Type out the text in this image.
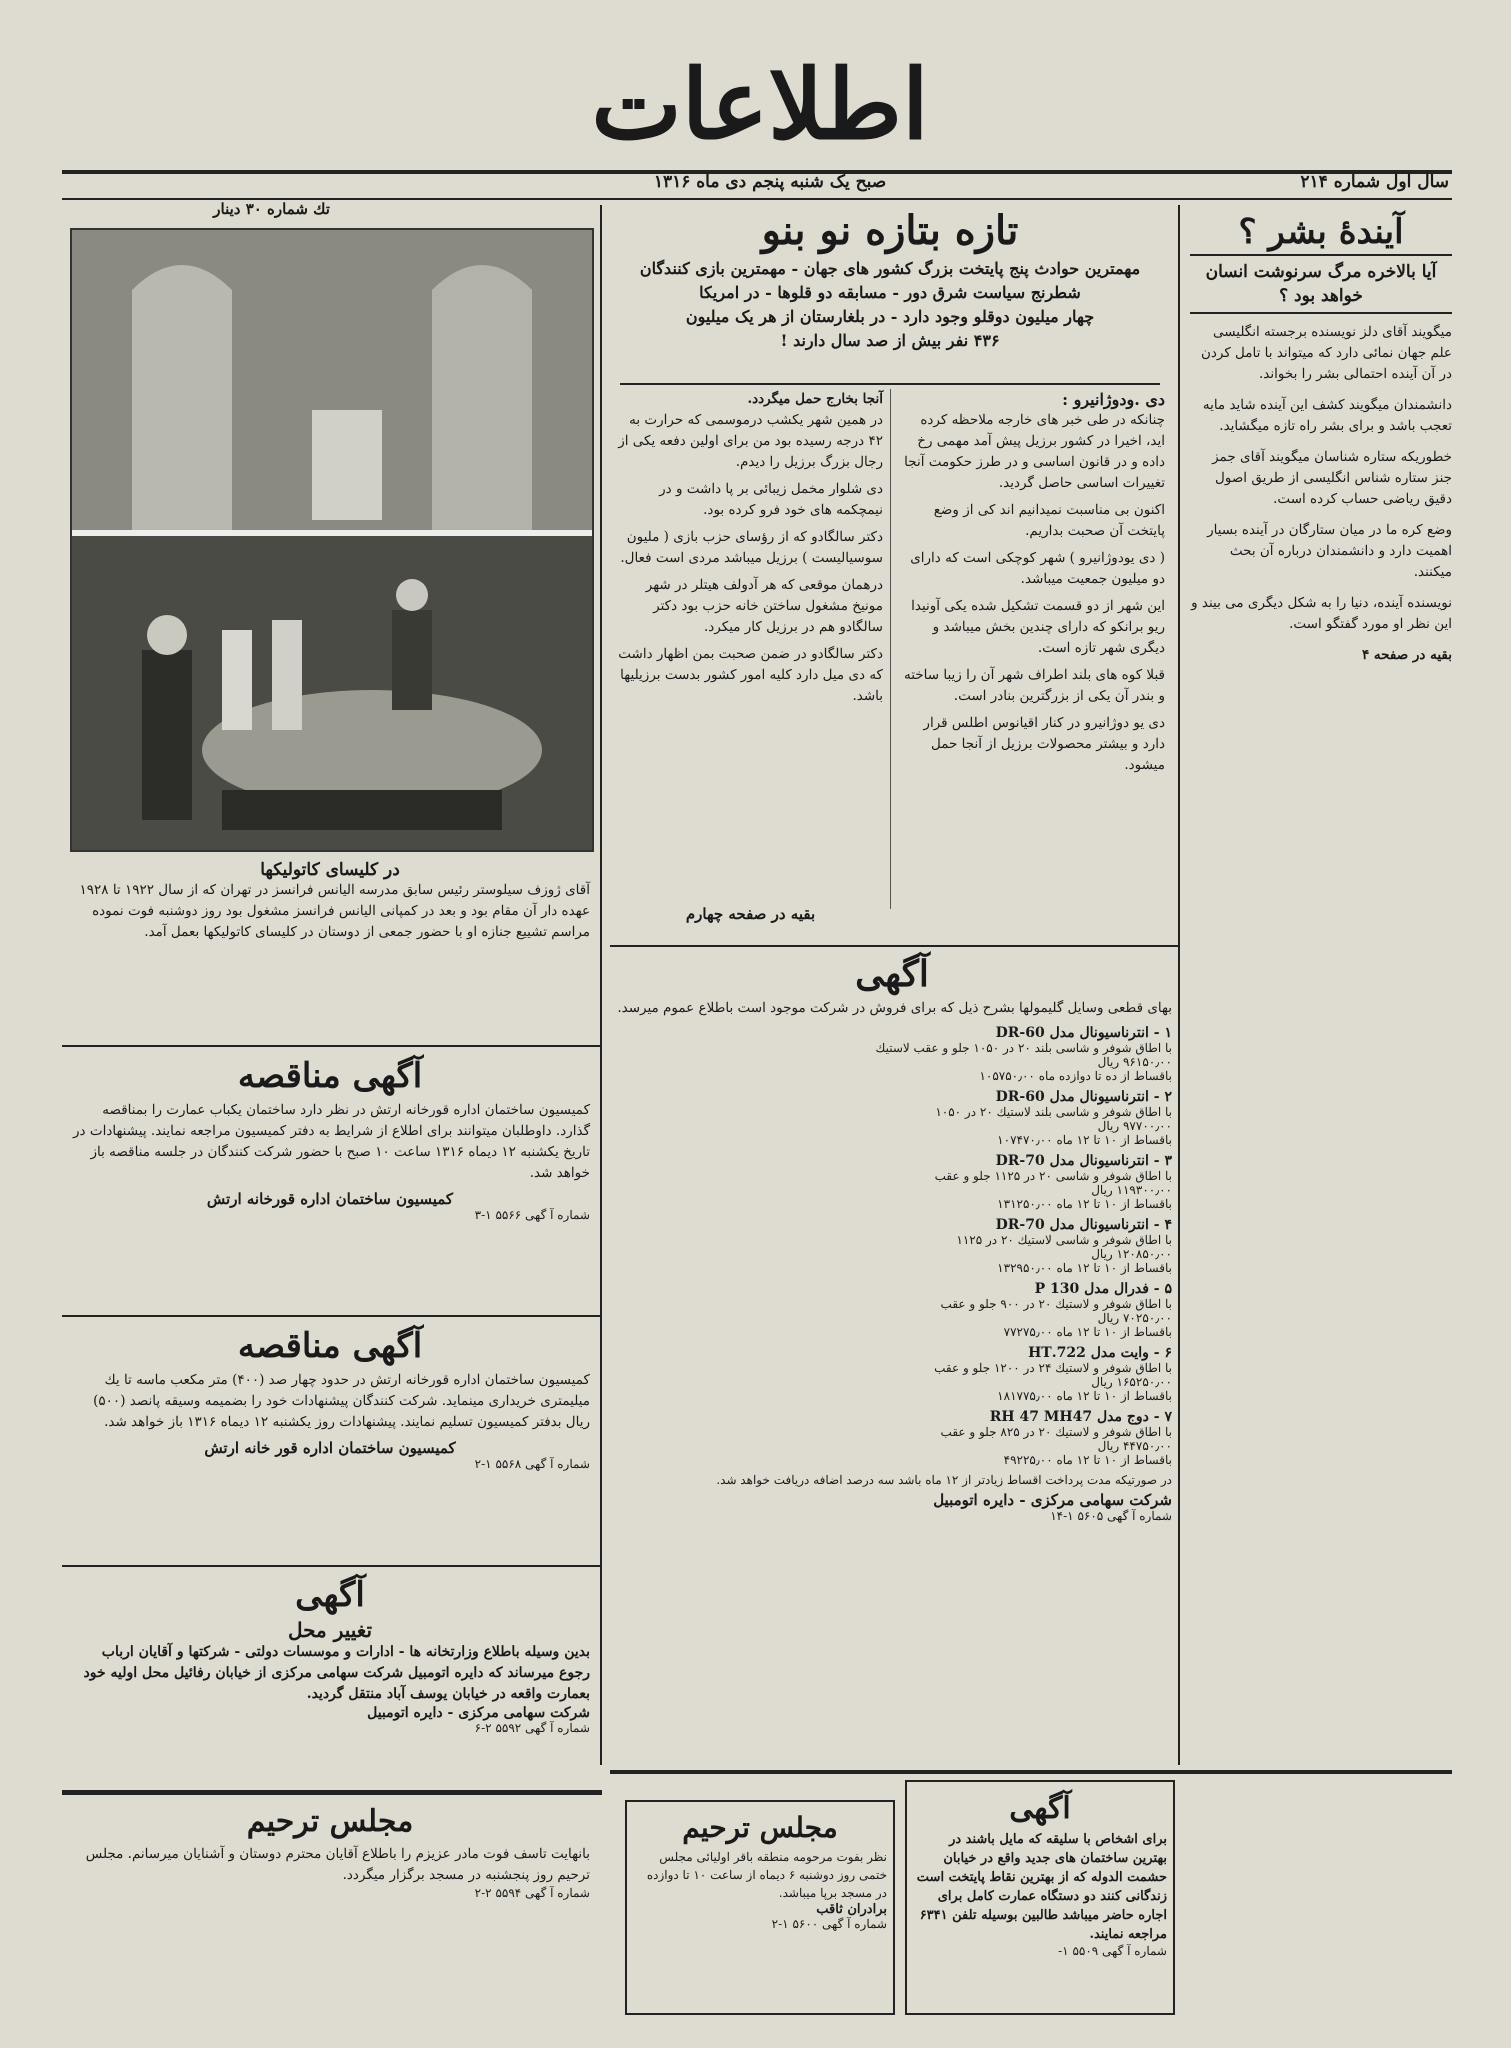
اطلاعات
سال اول شماره ۲۱۴
صبح یک شنبه پنجم دی ماه ۱۳۱۶
تك شماره ۳۰ دینار
آیندهٔ بشر ؟
آیا بالاخره مرگ سرنوشت انسان خواهد بود ؟

میگویند آقای دلز نویسنده برجسته انگلیسی علم جهان نمائی دارد که میتواند با تامل کردن در آن آینده احتمالی بشر را بخواند.

دانشمندان میگویند کشف این آینده شاید مایه تعجب باشد و برای بشر راه تازه میگشاید.

خطوریکه ستاره شناسان میگویند آقای جمز جنز ستاره شناس انگلیسی از طریق اصول دقیق ریاضی حساب کرده است.

وضع کره ما در میان ستارگان در آینده بسیار اهمیت دارد و دانشمندان درباره آن بحث میکنند.

نویسنده آینده، دنیا را به شکل دیگری می بیند و این نظر او مورد گفتگو است.

بقیه در صفحه ۴

تازه بتازه نو بنو
مهمترین حوادث پنج پایتخت بزرگ کشور های جهان - مهمترین بازی کنندگان شطرنج سیاست شرق دور - مسابقه دو قلوها - در امریکا
چهار میلیون دوقلو وجود دارد - در بلغارستان از هر یک میلیون
۴۳۶ نفر بیش از صد سال دارند !
دی .ودوژانیرو :

چنانکه در طی خبر های خارجه ملاحظه کرده اید، اخیرا در کشور برزیل پیش آمد مهمی رخ داده و در قانون اساسی و در طرز حکومت آنجا تغییرات اساسی حاصل گردید.

اکنون بی مناسبت نمیدانیم اند کی از وضع پایتخت آن صحبت بداریم.

( دی یودوژانیرو ) شهر کوچکی است که دارای دو میلیون جمعیت میباشد.

این شهر از دو قسمت تشکیل شده یکی آونیدا ریو برانکو که دارای چندین بخش میباشد و دیگری شهر تازه است.

قبلا کوه های بلند اطراف شهر آن را زیبا ساخته و بندر آن یکی از بزرگترین بنادر است.

دی یو دوژانیرو در کنار اقیانوس اطلس قرار دارد و بیشتر محصولات برزیل از آنجا حمل میشود.

آنجا بخارج حمل میگردد.

در همین شهر یکشب درموسمی که حرارت به ۴۲ درجه رسیده بود من برای اولین دفعه یکی از رجال بزرگ برزیل را دیدم.

دی شلوار مخمل زیبائی بر پا داشت و در نیمچکمه های خود فرو کرده بود.

دکتر سالگادو که از رؤسای حزب بازی ( ملیون سوسیالیست ) برزیل میباشد مردی است فعال.

درهمان موقعی که هر آدولف هیتلر در شهر مونیخ مشغول ساختن خانه حزب بود دکتر سالگادو هم در برزیل کار میکرد.

دکتر سالگادو در ضمن صحبت بمن اظهار داشت که دی میل دارد کلیه امور کشور بدست برزیلیها باشد.

بقیه در صفحه چهارم
در کلیسای کاتولیکها
آقای ژوزف سیلوستر رئیس سابق مدرسه الیانس فرانسز در تهران که از سال ۱۹۲۲ تا ۱۹۲۸ عهده دار آن مقام بود و بعد در کمپانی الیانس فرانسز مشغول بود روز دوشنبه فوت نموده مراسم تشییع جنازه او با حضور جمعی از دوستان در کلیسای کاتولیکها بعمل آمد.
آگهی مناقصه
کمیسیون ساختمان اداره قورخانه ارتش در نظر دارد ساختمان یکباب عمارت را بمناقصه گذارد. داوطلبان میتوانند برای اطلاع از شرایط به دفتر کمیسیون مراجعه نمایند. پیشنهادات در تاریخ یکشنبه ۱۲ دیماه ۱۳۱۶ ساعت ۱۰ صبح با حضور شرکت کنندگان در جلسه مناقصه باز خواهد شد.
کمیسیون ساختمان اداره قورخانه ارتش
شماره آ گهی ۵۵۶۶ ۱-۳
آگهی مناقصه
کمیسیون ساختمان اداره قورخانه ارتش در حدود چهار صد (۴۰۰) متر مکعب ماسه تا یك میلیمتری خریداری مینماید. شرکت کنندگان پیشنهادات خود را بضمیمه وسیقه پانصد (۵۰۰) ریال بدفتر کمیسیون تسلیم نمایند. پیشنهادات روز یکشنبه ۱۲ دیماه ۱۳۱۶ باز خواهد شد.
کمیسیون ساختمان اداره قور خانه ارتش
شماره آ گهی ۵۵۶۸ ۱-۲
آگهی
تغییر محل
بدین وسیله باطلاع وزارتخانه ها - ادارات و موسسات دولتی - شرکتها و آقایان ارباب رجوع میرساند که دایره اتومبیل شرکت سهامی مرکزی از خیابان رفائیل محل اولیه خود بعمارت واقعه در خیابان یوسف آباد منتقل گردید.
شرکت سهامی مرکزی - دایره اتومبیل
شماره آ گهی ۵۵۹۲ ۲-۶
مجلس ترحیم
بانهایت تاسف فوت مادر عزیزم را باطلاع آقایان محترم دوستان و آشنایان میرسانم. مجلس ترحیم روز پنجشنبه در مسجد برگزار میگردد.
شماره آ گهی ۵۵۹۴ ۲-۲
آگهی
بهای قطعی وسایل گلیمولها بشرح ذیل که برای فروش در شرکت موجود است باطلاع عموم میرسد.
۱ - انترناسیونال مدل DR-60
با اطاق شوفر و شاسی بلند ۲۰ در ۱۰۵۰ جلو و عقب لاستیك
۹۶۱۵۰٫۰۰ ریال
باقساط از ده تا دوازده ماه ۱۰۵۷۵۰٫۰۰
۲ - انترناسیونال مدل DR-60
با اطاق شوفر و شاسی بلند لاستیك ۲۰ در ۱۰۵۰
۹۷۷۰۰٫۰۰ ریال
باقساط از ۱۰ تا ۱۲ ماه ۱۰۷۴۷۰٫۰۰
۳ - انترناسیونال مدل DR-70
با اطاق شوفر و شاسی ۲۰ در ۱۱۲۵ جلو و عقب
۱۱۹۳۰۰٫۰۰ ریال
باقساط از ۱۰ تا ۱۲ ماه ۱۳۱۲۵۰٫۰۰
۴ - انترناسیونال مدل DR-70
با اطاق شوفر و شاسی لاستیك ۲۰ در ۱۱۲۵
۱۲۰۸۵۰٫۰۰ ریال
باقساط از ۱۰ تا ۱۲ ماه ۱۳۲۹۵۰٫۰۰
۵ - فدرال مدل 130 P
با اطاق شوفر و لاستیك ۲۰ در ۹۰۰ جلو و عقب
۷۰۲۵۰٫۰۰ ریال
باقساط از ۱۰ تا ۱۲ ماه ۷۷۲۷۵٫۰۰
۶ - وایت مدل 722.HT
با اطاق شوفر و لاستیك ۲۴ در ۱۲۰۰ جلو و عقب
۱۶۵۲۵۰٫۰۰ ریال
باقساط از ۱۰ تا ۱۲ ماه ۱۸۱۷۷۵٫۰۰
۷ - دوج مدل RH 47 MH47
با اطاق شوفر و لاستیك ۲۰ در ۸۲۵ جلو و عقب
۴۴۷۵۰٫۰۰ ریال
باقساط از ۱۰ تا ۱۲ ماه ۴۹۲۲۵٫۰۰
در صورتیکه مدت پرداخت اقساط زیادتر از ۱۲ ماه باشد سه درصد اضافه دریافت خواهد شد.
شرکت سهامی مرکزی - دایره اتومبیل
شماره آ گهی ۵۶۰۵ ۱-۱۴
مجلس ترحیم
نظر بفوت مرحومه منطقه باقر اولیائی مجلس ختمی روز دوشنبه ۶ دیماه از ساعت ۱۰ تا دوازده در مسجد برپا میباشد.
برادران ثاقب
شماره آ گهی ۵۶۰۰ ۱-۲
آگهی
برای اشخاص با سلیقه که مایل باشند در بهترین ساختمان های جدید واقع در خیابان حشمت الدوله که از بهترین نقاط پایتخت است زندگانی کنند دو دستگاه عمارت کامل برای اجاره حاضر میباشد طالبین بوسیله تلفن ۶۳۴۱ مراجعه نمایند.
شماره آ گهی ۵۵۰۹ ۱-
